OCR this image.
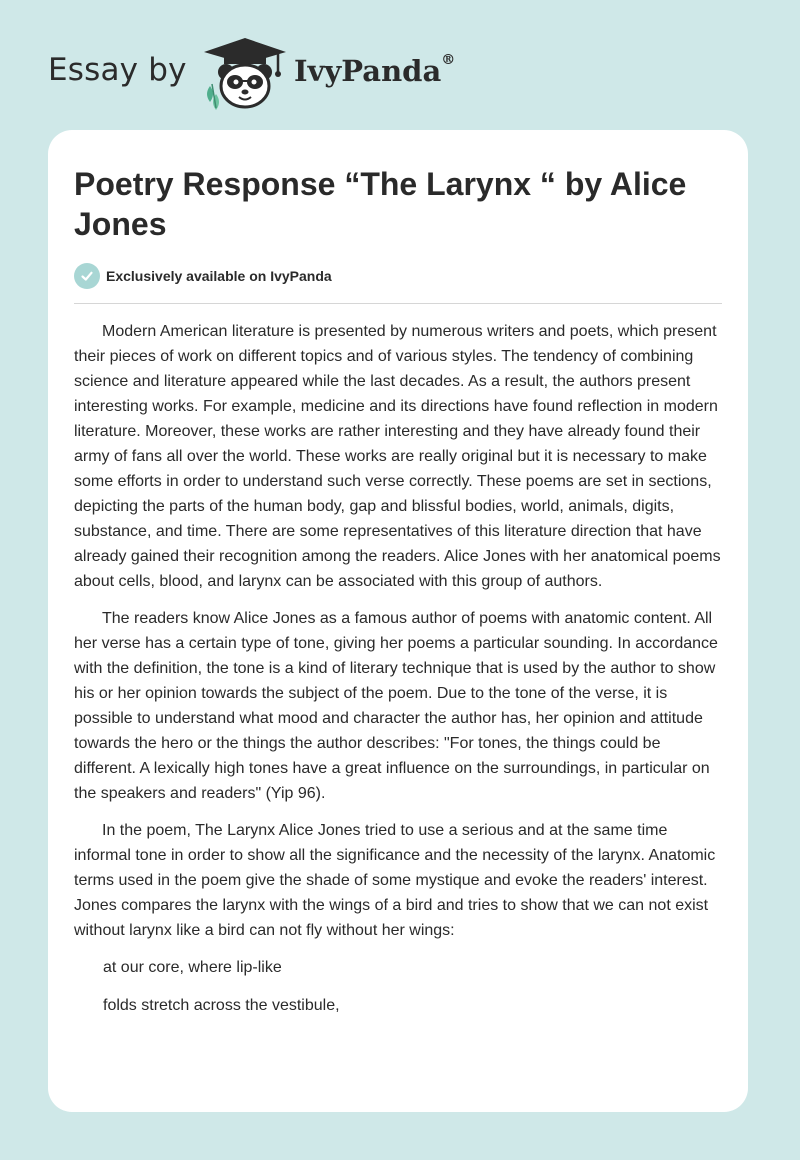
Essay by	IvyPanda®
Poetry Response “The Larynx “ by Alice Jones
Exclusively available on IvyPanda

Modern American literature is presented by numerous writers and poets, which present their pieces of work on different topics and of various styles. The tendency of combining science and literature appeared while the last decades. As a result, the authors present interesting works. For example, medicine and its directions have found reflection in modern literature. Moreover, these works are rather interesting and they have already found their army of fans all over the world. These works are really original but it is necessary to make some efforts in order to understand such verse correctly. These poems are set in sections, depicting the parts of the human body, gap and blissful bodies, world, animals, digits, substance, and time. There are some representatives of this literature direction that have already gained their recognition among the readers. Alice Jones with her anatomical poems about cells, blood, and larynx can be associated with this group of authors.

The readers know Alice Jones as a famous author of poems with anatomic content. All her verse has a certain type of tone, giving her poems a particular sounding. In accordance with the definition, the tone is a kind of literary technique that is used by the author to show his or her opinion towards the subject of the poem. Due to the tone of the verse, it is possible to understand what mood and character the author has, her opinion and attitude towards the hero or the things the author describes: "For tones, the things could be different. A lexically high tones have a great influence on the surroundings, in particular on the speakers and readers" (Yip 96).

In the poem, The Larynx Alice Jones tried to use a serious and at the same time informal tone in order to show all the significance and the necessity of the larynx. Anatomic terms used in the poem give the shade of some mystique and evoke the readers' interest. Jones compares the larynx with the wings of a bird and tries to show that we can not exist without larynx like a bird can not fly without her wings:

at our core, where lip-like

folds stretch across the vestibule,
